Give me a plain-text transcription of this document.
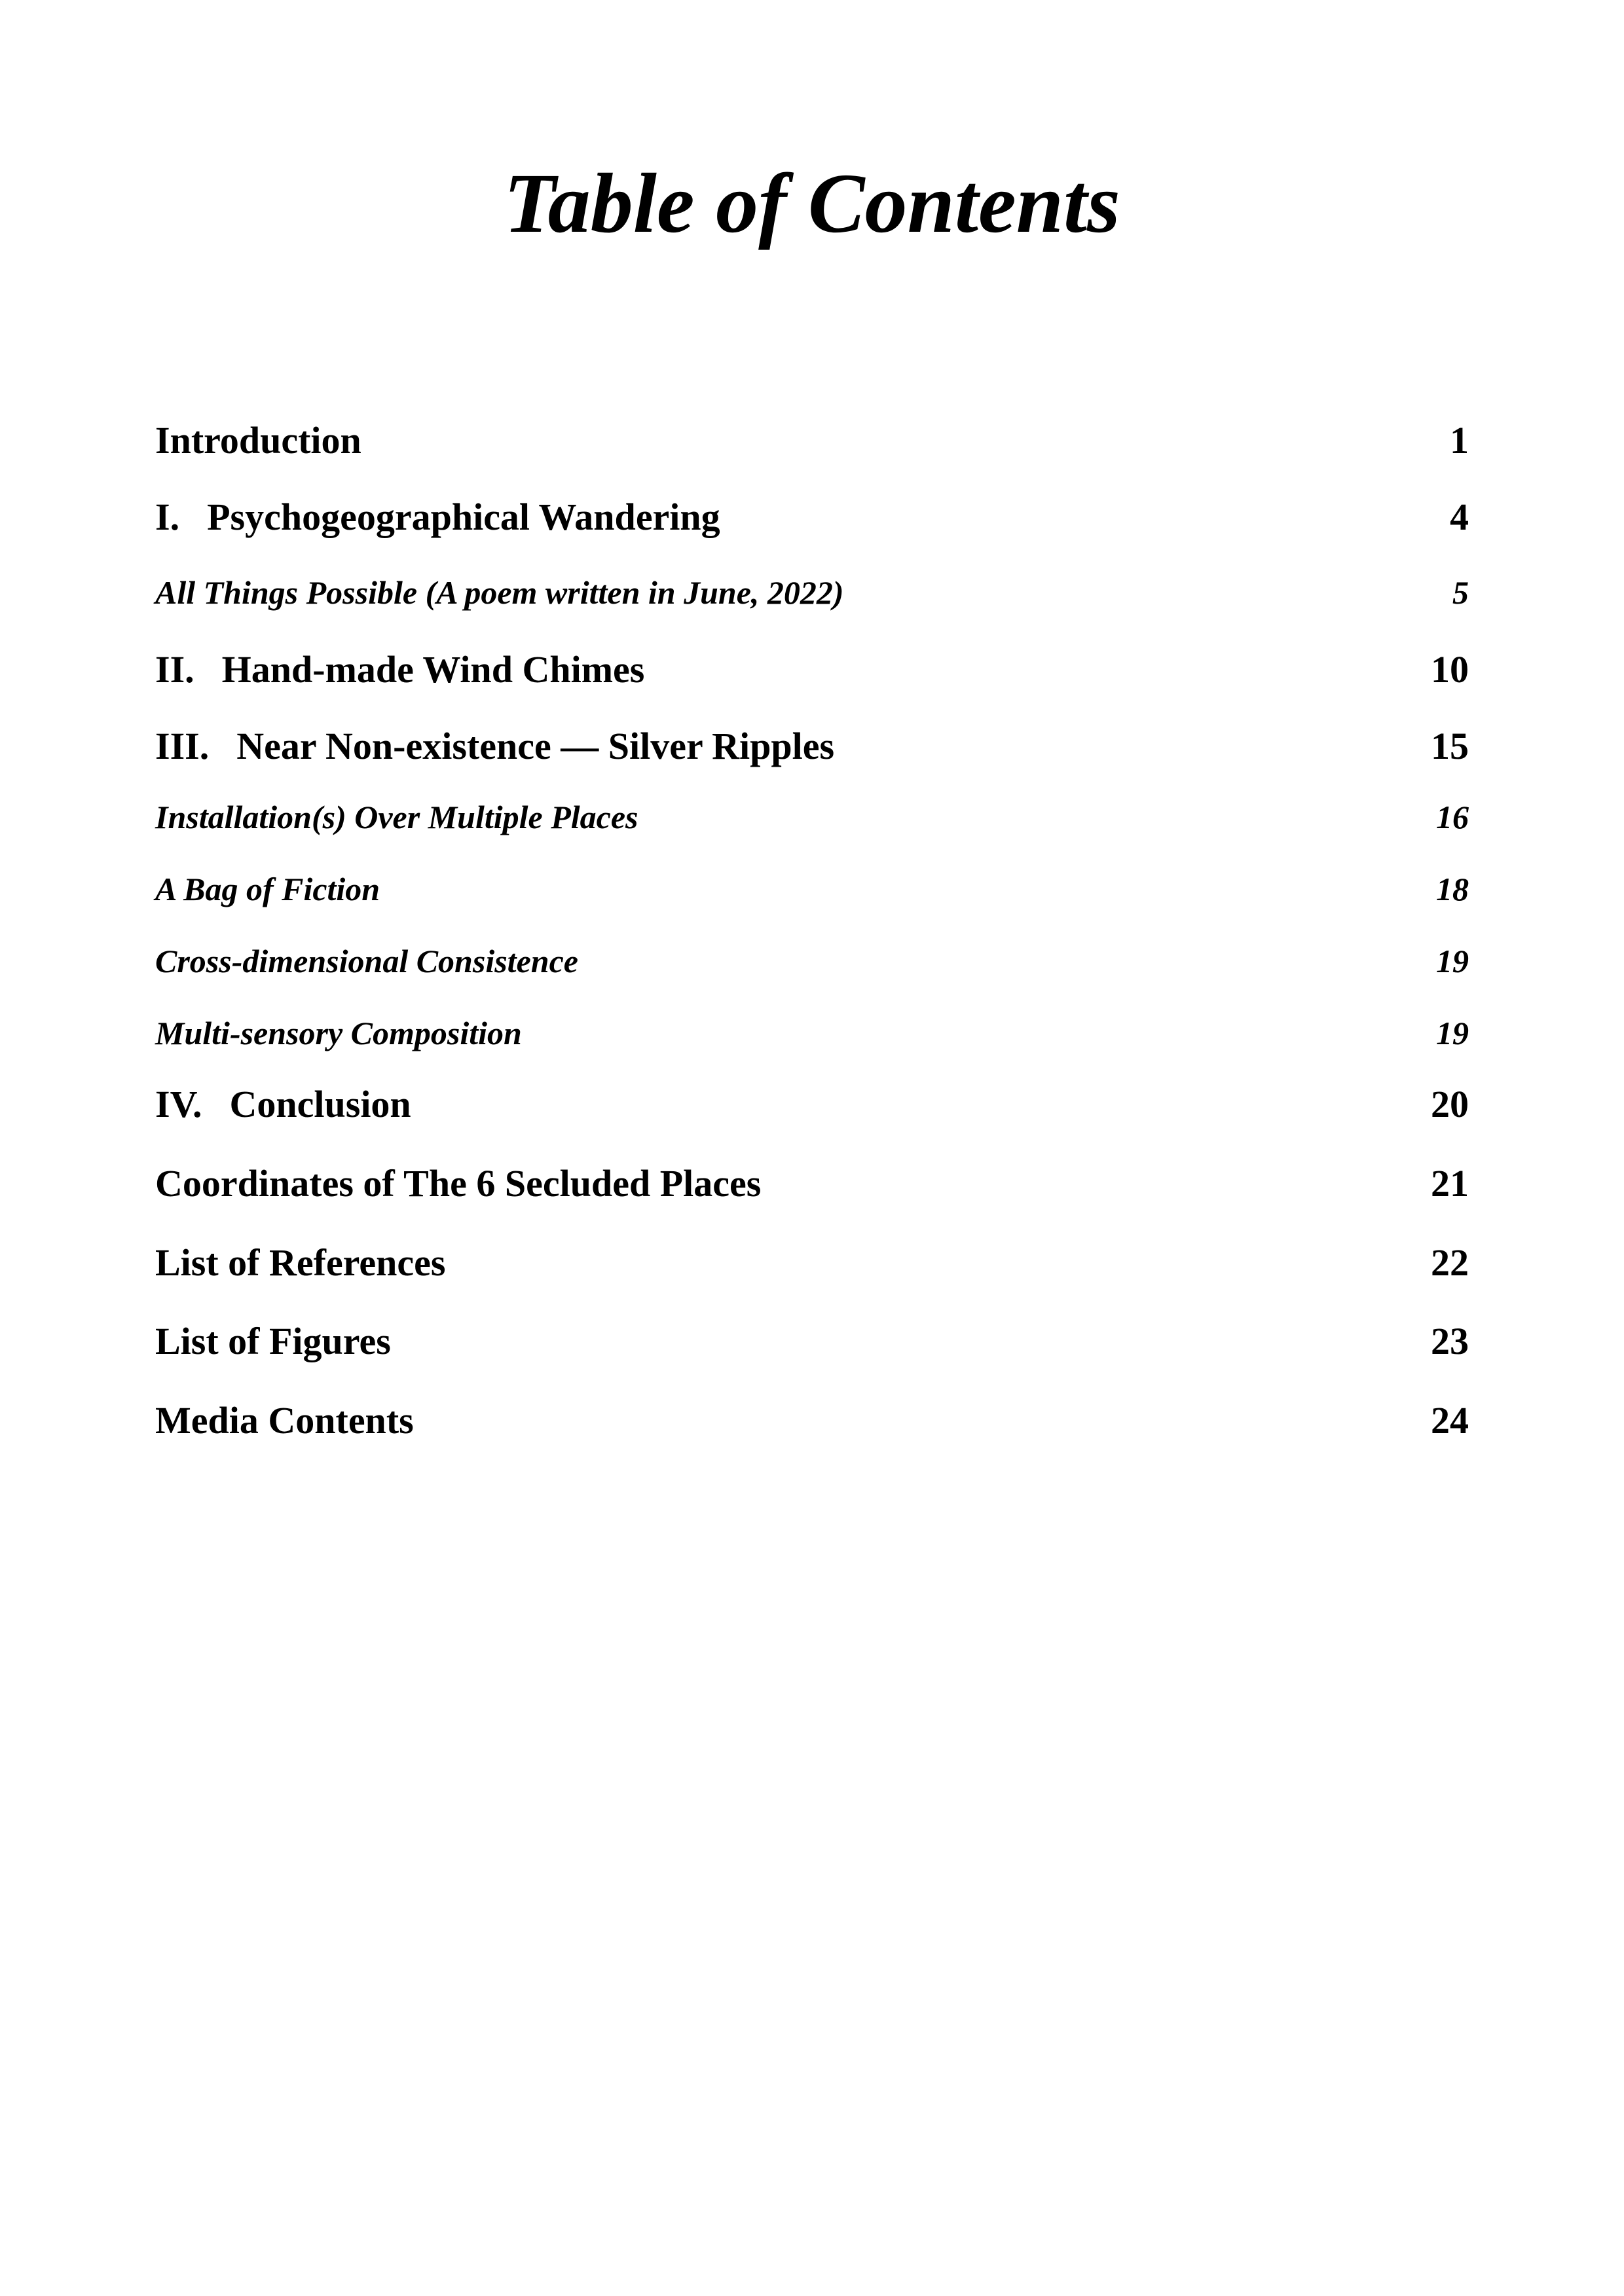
Table of Contents
Introduction	1
I. Psychogeographical Wandering	4
All Things Possible (A poem written in June, 2022)	5
II. Hand-made Wind Chimes	10
III. Near Non-existence — Silver Ripples	15
Installation(s) Over Multiple Places	16
A Bag of Fiction	18
Cross-dimensional Consistence	19
Multi-sensory Composition	19
IV. Conclusion	20
Coordinates of The 6 Secluded Places	21
List of References	22
List of Figures	23
Media Contents	24
